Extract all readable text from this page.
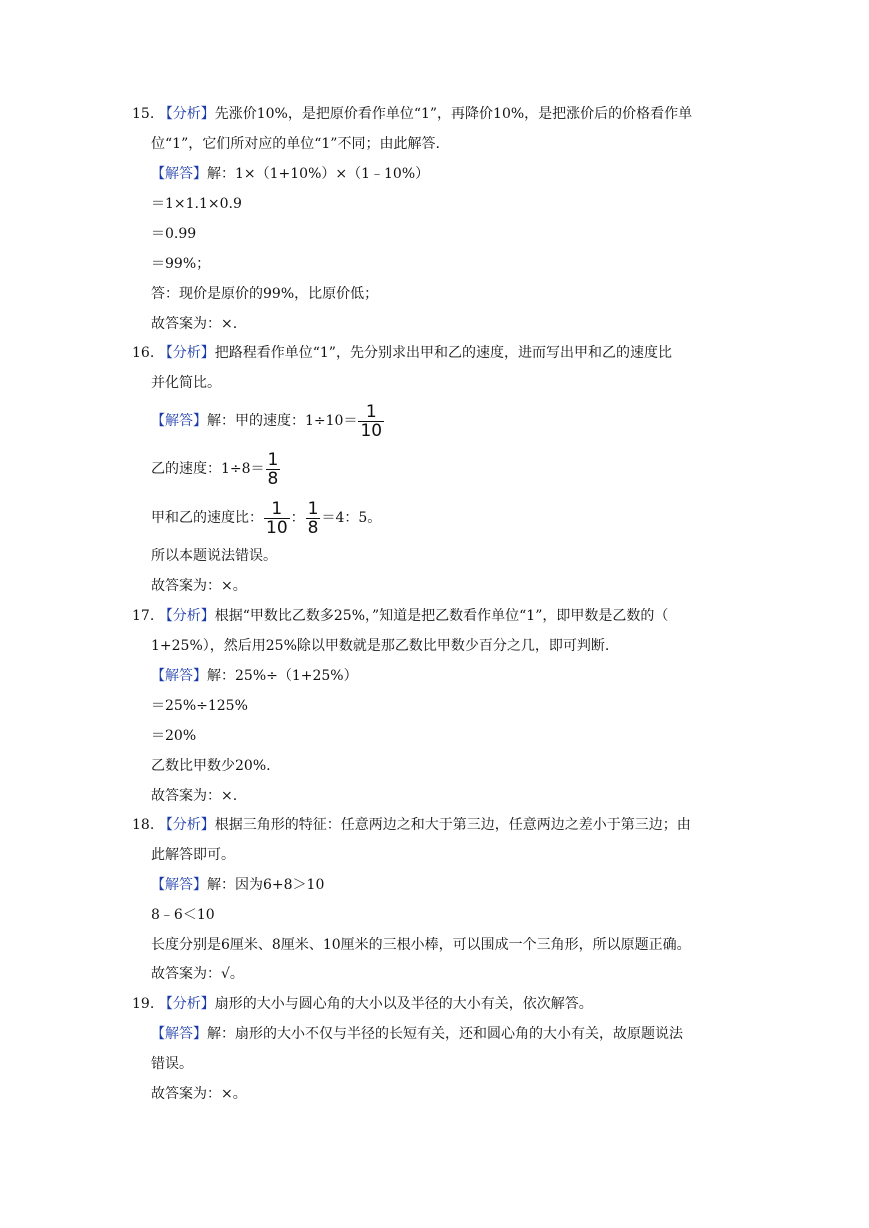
15. 【分析】先涨价10%，是把原价看作单位“1”，再降价10%，是把涨价后的价格看作单
位“1”，它们所对应的单位“1”不同；由此解答.
【解答】解：1×（1+10%）×（1﹣10%）
＝1×1.1×0.9
＝0.99
＝99%；
答：现价是原价的99%，比原价低；
故答案为：×.
16. 【分析】把路程看作单位“1”，先分别求出甲和乙的速度，进而写出甲和乙的速度比
并化简比。
【解答】解：甲的速度：$1\div 10= \frac{1}{10}$
乙的速度：$1\div 8= \frac{1}{8}$
甲和乙的速度比： $\frac{1}{10}$ ： $\frac{1}{8} =4$：5。
所以本题说法错误。
故答案为：×。
17. 【分析】根据“甲数比乙数多25%，”知道是把乙数看作单位“1”，即甲数是乙数的（
1+25%），然后用25%除以甲数就是那乙数比甲数少百分之几，即可判断.
【解答】解：25%÷（1+25%）
＝25%÷125%
＝20%
乙数比甲数少20%.
故答案为：×.
18. 【分析】根据三角形的特征：任意两边之和大于第三边，任意两边之差小于第三边；由
此解答即可。
【解答】解：因为6+8＞10
8﹣6＜10
长度分别是6厘米、8厘米、10厘米的三根小棒，可以围成一个三角形，所以原题正确。
故答案为：√。
19. 【分析】扇形的大小与圆心角的大小以及半径的大小有关，依次解答。
【解答】解：扇形的大小不仅与半径的长短有关，还和圆心角的大小有关，故原题说法
错误。
故答案为：×。
